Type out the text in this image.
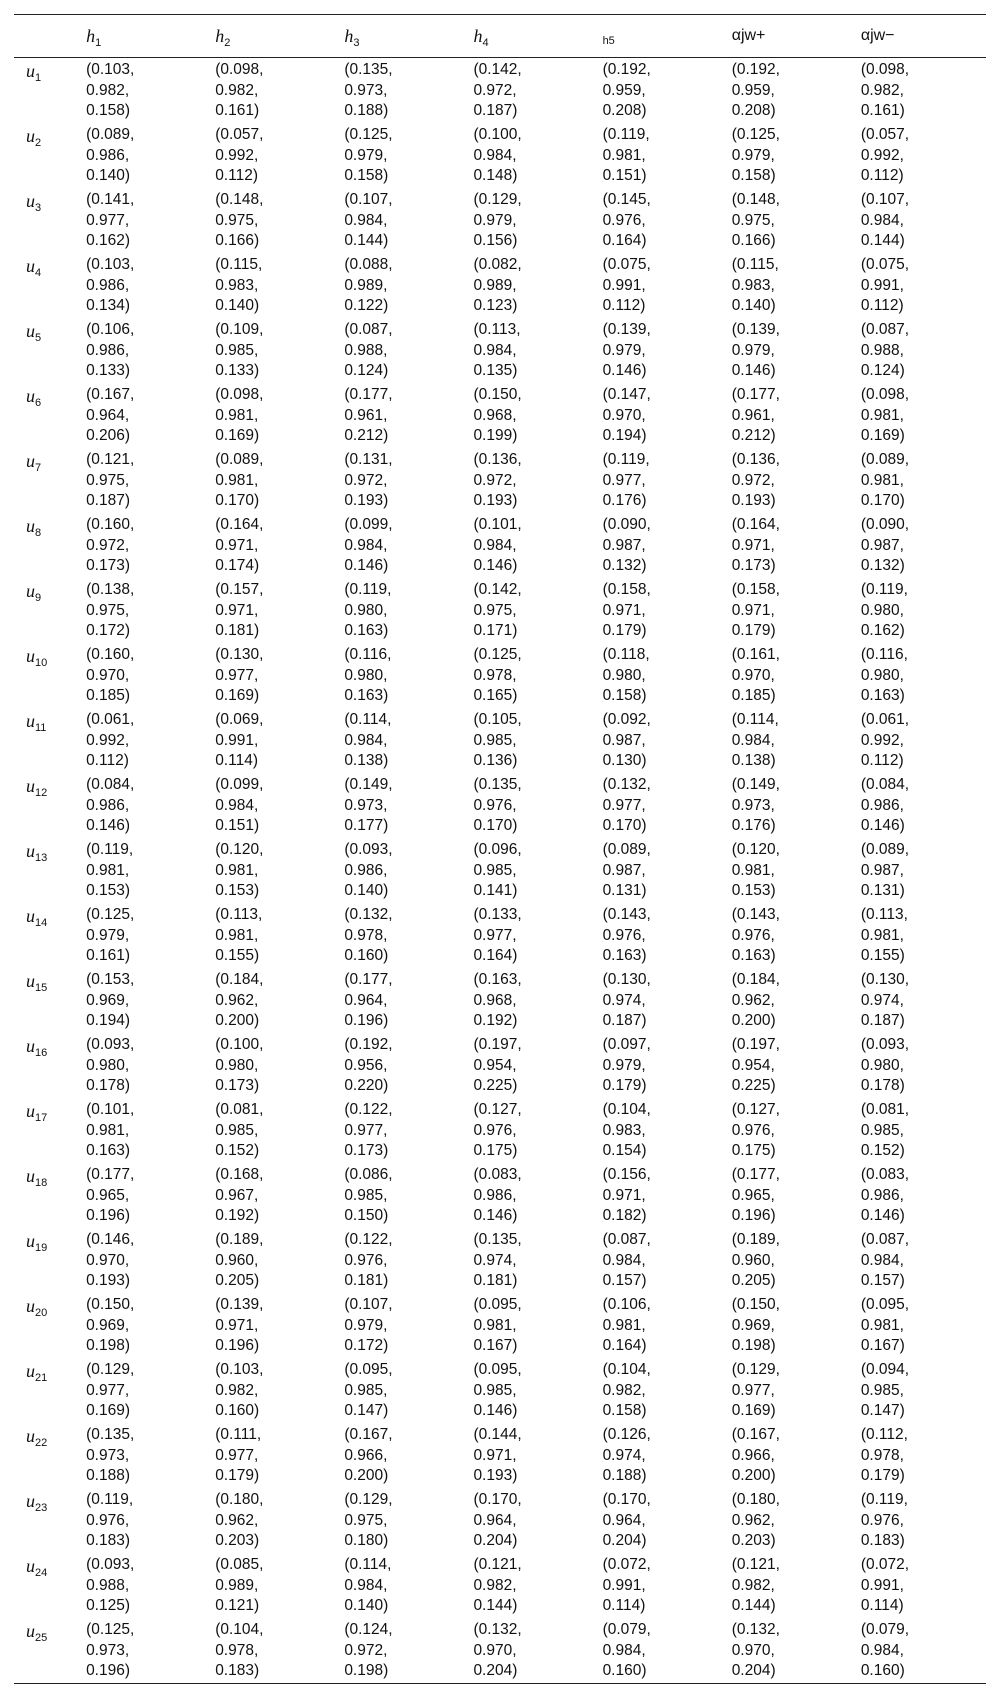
	$h_1$	$h_2$	$h_3$	$h_4$	h5	αjw+	αjw−
$u_1$	(0.103,
0.982,
0.158)	(0.098,
0.982,
0.161)	(0.135,
0.973,
0.188)	(0.142,
0.972,
0.187)	(0.192,
0.959,
0.208)	(0.192,
0.959,
0.208)	(0.098,
0.982,
0.161)

$u_2$	(0.089,
0.986,
0.140)	(0.057,
0.992,
0.112)	(0.125,
0.979,
0.158)	(0.100,
0.984,
0.148)	(0.119,
0.981,
0.151)	(0.125,
0.979,
0.158)	(0.057,
0.992,
0.112)

$u_3$	(0.141,
0.977,
0.162)	(0.148,
0.975,
0.166)	(0.107,
0.984,
0.144)	(0.129,
0.979,
0.156)	(0.145,
0.976,
0.164)	(0.148,
0.975,
0.166)	(0.107,
0.984,
0.144)

$u_4$	(0.103,
0.986,
0.134)	(0.115,
0.983,
0.140)	(0.088,
0.989,
0.122)	(0.082,
0.989,
0.123)	(0.075,
0.991,
0.112)	(0.115,
0.983,
0.140)	(0.075,
0.991,
0.112)

$u_5$	(0.106,
0.986,
0.133)	(0.109,
0.985,
0.133)	(0.087,
0.988,
0.124)	(0.113,
0.984,
0.135)	(0.139,
0.979,
0.146)	(0.139,
0.979,
0.146)	(0.087,
0.988,
0.124)

$u_6$	(0.167,
0.964,
0.206)	(0.098,
0.981,
0.169)	(0.177,
0.961,
0.212)	(0.150,
0.968,
0.199)	(0.147,
0.970,
0.194)	(0.177,
0.961,
0.212)	(0.098,
0.981,
0.169)

$u_7$	(0.121,
0.975,
0.187)	(0.089,
0.981,
0.170)	(0.131,
0.972,
0.193)	(0.136,
0.972,
0.193)	(0.119,
0.977,
0.176)	(0.136,
0.972,
0.193)	(0.089,
0.981,
0.170)

$u_8$	(0.160,
0.972,
0.173)	(0.164,
0.971,
0.174)	(0.099,
0.984,
0.146)	(0.101,
0.984,
0.146)	(0.090,
0.987,
0.132)	(0.164,
0.971,
0.173)	(0.090,
0.987,
0.132)

$u_9$	(0.138,
0.975,
0.172)	(0.157,
0.971,
0.181)	(0.119,
0.980,
0.163)	(0.142,
0.975,
0.171)	(0.158,
0.971,
0.179)	(0.158,
0.971,
0.179)	(0.119,
0.980,
0.162)

$u_{10}$	(0.160,
0.970,
0.185)	(0.130,
0.977,
0.169)	(0.116,
0.980,
0.163)	(0.125,
0.978,
0.165)	(0.118,
0.980,
0.158)	(0.161,
0.970,
0.185)	(0.116,
0.980,
0.163)

$u_{11}$	(0.061,
0.992,
0.112)	(0.069,
0.991,
0.114)	(0.114,
0.984,
0.138)	(0.105,
0.985,
0.136)	(0.092,
0.987,
0.130)	(0.114,
0.984,
0.138)	(0.061,
0.992,
0.112)

$u_{12}$	(0.084,
0.986,
0.146)	(0.099,
0.984,
0.151)	(0.149,
0.973,
0.177)	(0.135,
0.976,
0.170)	(0.132,
0.977,
0.170)	(0.149,
0.973,
0.176)	(0.084,
0.986,
0.146)

$u_{13}$	(0.119,
0.981,
0.153)	(0.120,
0.981,
0.153)	(0.093,
0.986,
0.140)	(0.096,
0.985,
0.141)	(0.089,
0.987,
0.131)	(0.120,
0.981,
0.153)	(0.089,
0.987,
0.131)

$u_{14}$	(0.125,
0.979,
0.161)	(0.113,
0.981,
0.155)	(0.132,
0.978,
0.160)	(0.133,
0.977,
0.164)	(0.143,
0.976,
0.163)	(0.143,
0.976,
0.163)	(0.113,
0.981,
0.155)

$u_{15}$	(0.153,
0.969,
0.194)	(0.184,
0.962,
0.200)	(0.177,
0.964,
0.196)	(0.163,
0.968,
0.192)	(0.130,
0.974,
0.187)	(0.184,
0.962,
0.200)	(0.130,
0.974,
0.187)

$u_{16}$	(0.093,
0.980,
0.178)	(0.100,
0.980,
0.173)	(0.192,
0.956,
0.220)	(0.197,
0.954,
0.225)	(0.097,
0.979,
0.179)	(0.197,
0.954,
0.225)	(0.093,
0.980,
0.178)

$u_{17}$	(0.101,
0.981,
0.163)	(0.081,
0.985,
0.152)	(0.122,
0.977,
0.173)	(0.127,
0.976,
0.175)	(0.104,
0.983,
0.154)	(0.127,
0.976,
0.175)	(0.081,
0.985,
0.152)

$u_{18}$	(0.177,
0.965,
0.196)	(0.168,
0.967,
0.192)	(0.086,
0.985,
0.150)	(0.083,
0.986,
0.146)	(0.156,
0.971,
0.182)	(0.177,
0.965,
0.196)	(0.083,
0.986,
0.146)

$u_{19}$	(0.146,
0.970,
0.193)	(0.189,
0.960,
0.205)	(0.122,
0.976,
0.181)	(0.135,
0.974,
0.181)	(0.087,
0.984,
0.157)	(0.189,
0.960,
0.205)	(0.087,
0.984,
0.157)

$u_{20}$	(0.150,
0.969,
0.198)	(0.139,
0.971,
0.196)	(0.107,
0.979,
0.172)	(0.095,
0.981,
0.167)	(0.106,
0.981,
0.164)	(0.150,
0.969,
0.198)	(0.095,
0.981,
0.167)

$u_{21}$	(0.129,
0.977,
0.169)	(0.103,
0.982,
0.160)	(0.095,
0.985,
0.147)	(0.095,
0.985,
0.146)	(0.104,
0.982,
0.158)	(0.129,
0.977,
0.169)	(0.094,
0.985,
0.147)

$u_{22}$	(0.135,
0.973,
0.188)	(0.111,
0.977,
0.179)	(0.167,
0.966,
0.200)	(0.144,
0.971,
0.193)	(0.126,
0.974,
0.188)	(0.167,
0.966,
0.200)	(0.112,
0.978,
0.179)

$u_{23}$	(0.119,
0.976,
0.183)	(0.180,
0.962,
0.203)	(0.129,
0.975,
0.180)	(0.170,
0.964,
0.204)	(0.170,
0.964,
0.204)	(0.180,
0.962,
0.203)	(0.119,
0.976,
0.183)

$u_{24}$	(0.093,
0.988,
0.125)	(0.085,
0.989,
0.121)	(0.114,
0.984,
0.140)	(0.121,
0.982,
0.144)	(0.072,
0.991,
0.114)	(0.121,
0.982,
0.144)	(0.072,
0.991,
0.114)

$u_{25}$	(0.125,
0.973,
0.196)	(0.104,
0.978,
0.183)	(0.124,
0.972,
0.198)	(0.132,
0.970,
0.204)	(0.079,
0.984,
0.160)	(0.132,
0.970,
0.204)	(0.079,
0.984,
0.160)
